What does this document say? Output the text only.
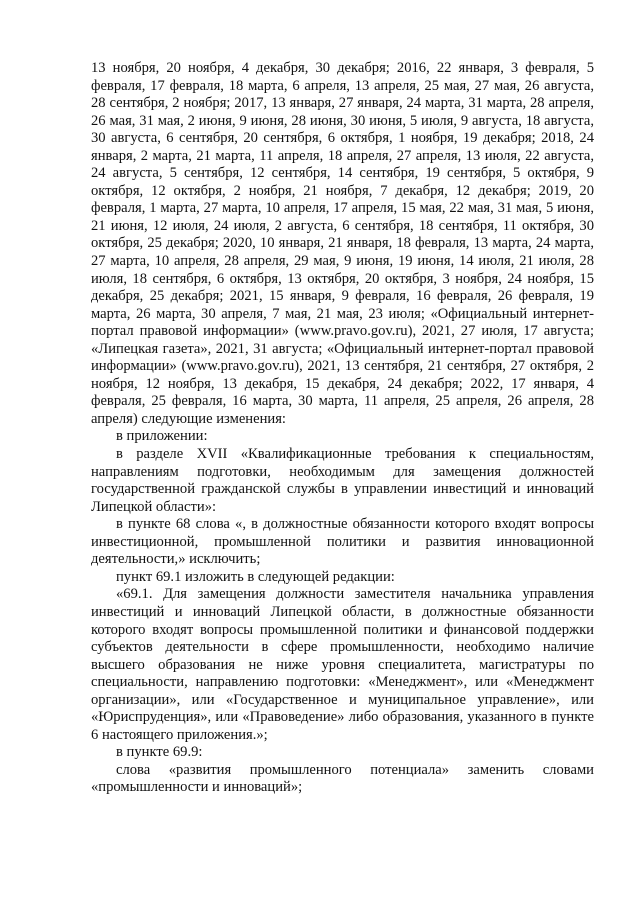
13 ноября, 20 ноября, 4 декабря, 30 декабря; 2016, 22 января, 3 февраля, 5 февраля, 17 февраля, 18 марта, 6 апреля, 13 апреля, 25 мая, 27 мая, 26 августа, 28 сентября, 2 ноября; 2017, 13 января, 27 января, 24 марта, 31 марта, 28 апреля, 26 мая, 31 мая, 2 июня, 9 июня, 28 июня, 30 июня, 5 июля, 9 августа, 18 августа, 30 августа, 6 сентября, 20 сентября, 6 октября, 1 ноября, 19 декабря; 2018, 24 января, 2 марта, 21 марта, 11 апреля, 18 апреля, 27 апреля, 13 июля, 22 августа, 24 августа, 5 сентября, 12 сентября, 14 сентября, 19 сентября, 5 октября, 9 октября, 12 октября, 2 ноября, 21 ноября, 7 декабря, 12 декабря; 2019, 20 февраля, 1 марта, 27 марта, 10 апреля, 17 апреля, 15 мая, 22 мая, 31 мая, 5 июня, 21 июня, 12 июля, 24 июля, 2 августа, 6 сентября, 18 сентября, 11 октября, 30 октября, 25 декабря; 2020, 10 января, 21 января, 18 февраля, 13 марта, 24 марта, 27 марта, 10 апреля, 28 апреля, 29 мая, 9 июня, 19 июня, 14 июля, 21 июля, 28 июля, 18 сентября, 6 октября, 13 октября, 20 октября, 3 ноября, 24 ноября, 15 декабря, 25 декабря; 2021, 15 января, 9 февраля, 16 февраля, 26 февраля, 19 марта, 26 марта, 30 апреля, 7 мая, 21 мая, 23 июля; «Официальный интернет-портал правовой информации» (www.pravo.gov.ru), 2021, 27 июля, 17 августа; «Липецкая газета», 2021, 31 августа; «Официальный интернет-портал правовой информации» (www.pravo.gov.ru), 2021, 13 сентября, 21 сентября, 27 октября, 2 ноября, 12 ноября, 13 декабря, 15 декабря, 24 декабря; 2022, 17 января, 4 февраля, 25 февраля, 16 марта, 30 марта, 11 апреля, 25 апреля, 26 апреля, 28 апреля) следующие изменения:

в приложении:

в разделе XVII «Квалификационные требования к специальностям, направлениям подготовки, необходимым для замещения должностей государственной гражданской службы в управлении инвестиций и инноваций Липецкой области»:

в пункте 68 слова «, в должностные обязанности которого входят вопросы инвестиционной, промышленной политики и развития инновационной деятельности,» исключить;

пункт 69.1 изложить в следующей редакции:

«69.1. Для замещения должности заместителя начальника управления инвестиций и инноваций Липецкой области, в должностные обязанности которого входят вопросы промышленной политики и финансовой поддержки субъектов деятельности в сфере промышленности, необходимо наличие высшего образования не ниже уровня специалитета, магистратуры по специальности, направлению подготовки: «Менеджмент», или «Менеджмент организации», или «Государственное и муниципальное управление», или «Юриспруденция», или «Правоведение» либо образования, указанного в пункте 6 настоящего приложения.»;

в пункте 69.9:

слова «развития промышленного потенциала» заменить словами «промышленности и инноваций»;
